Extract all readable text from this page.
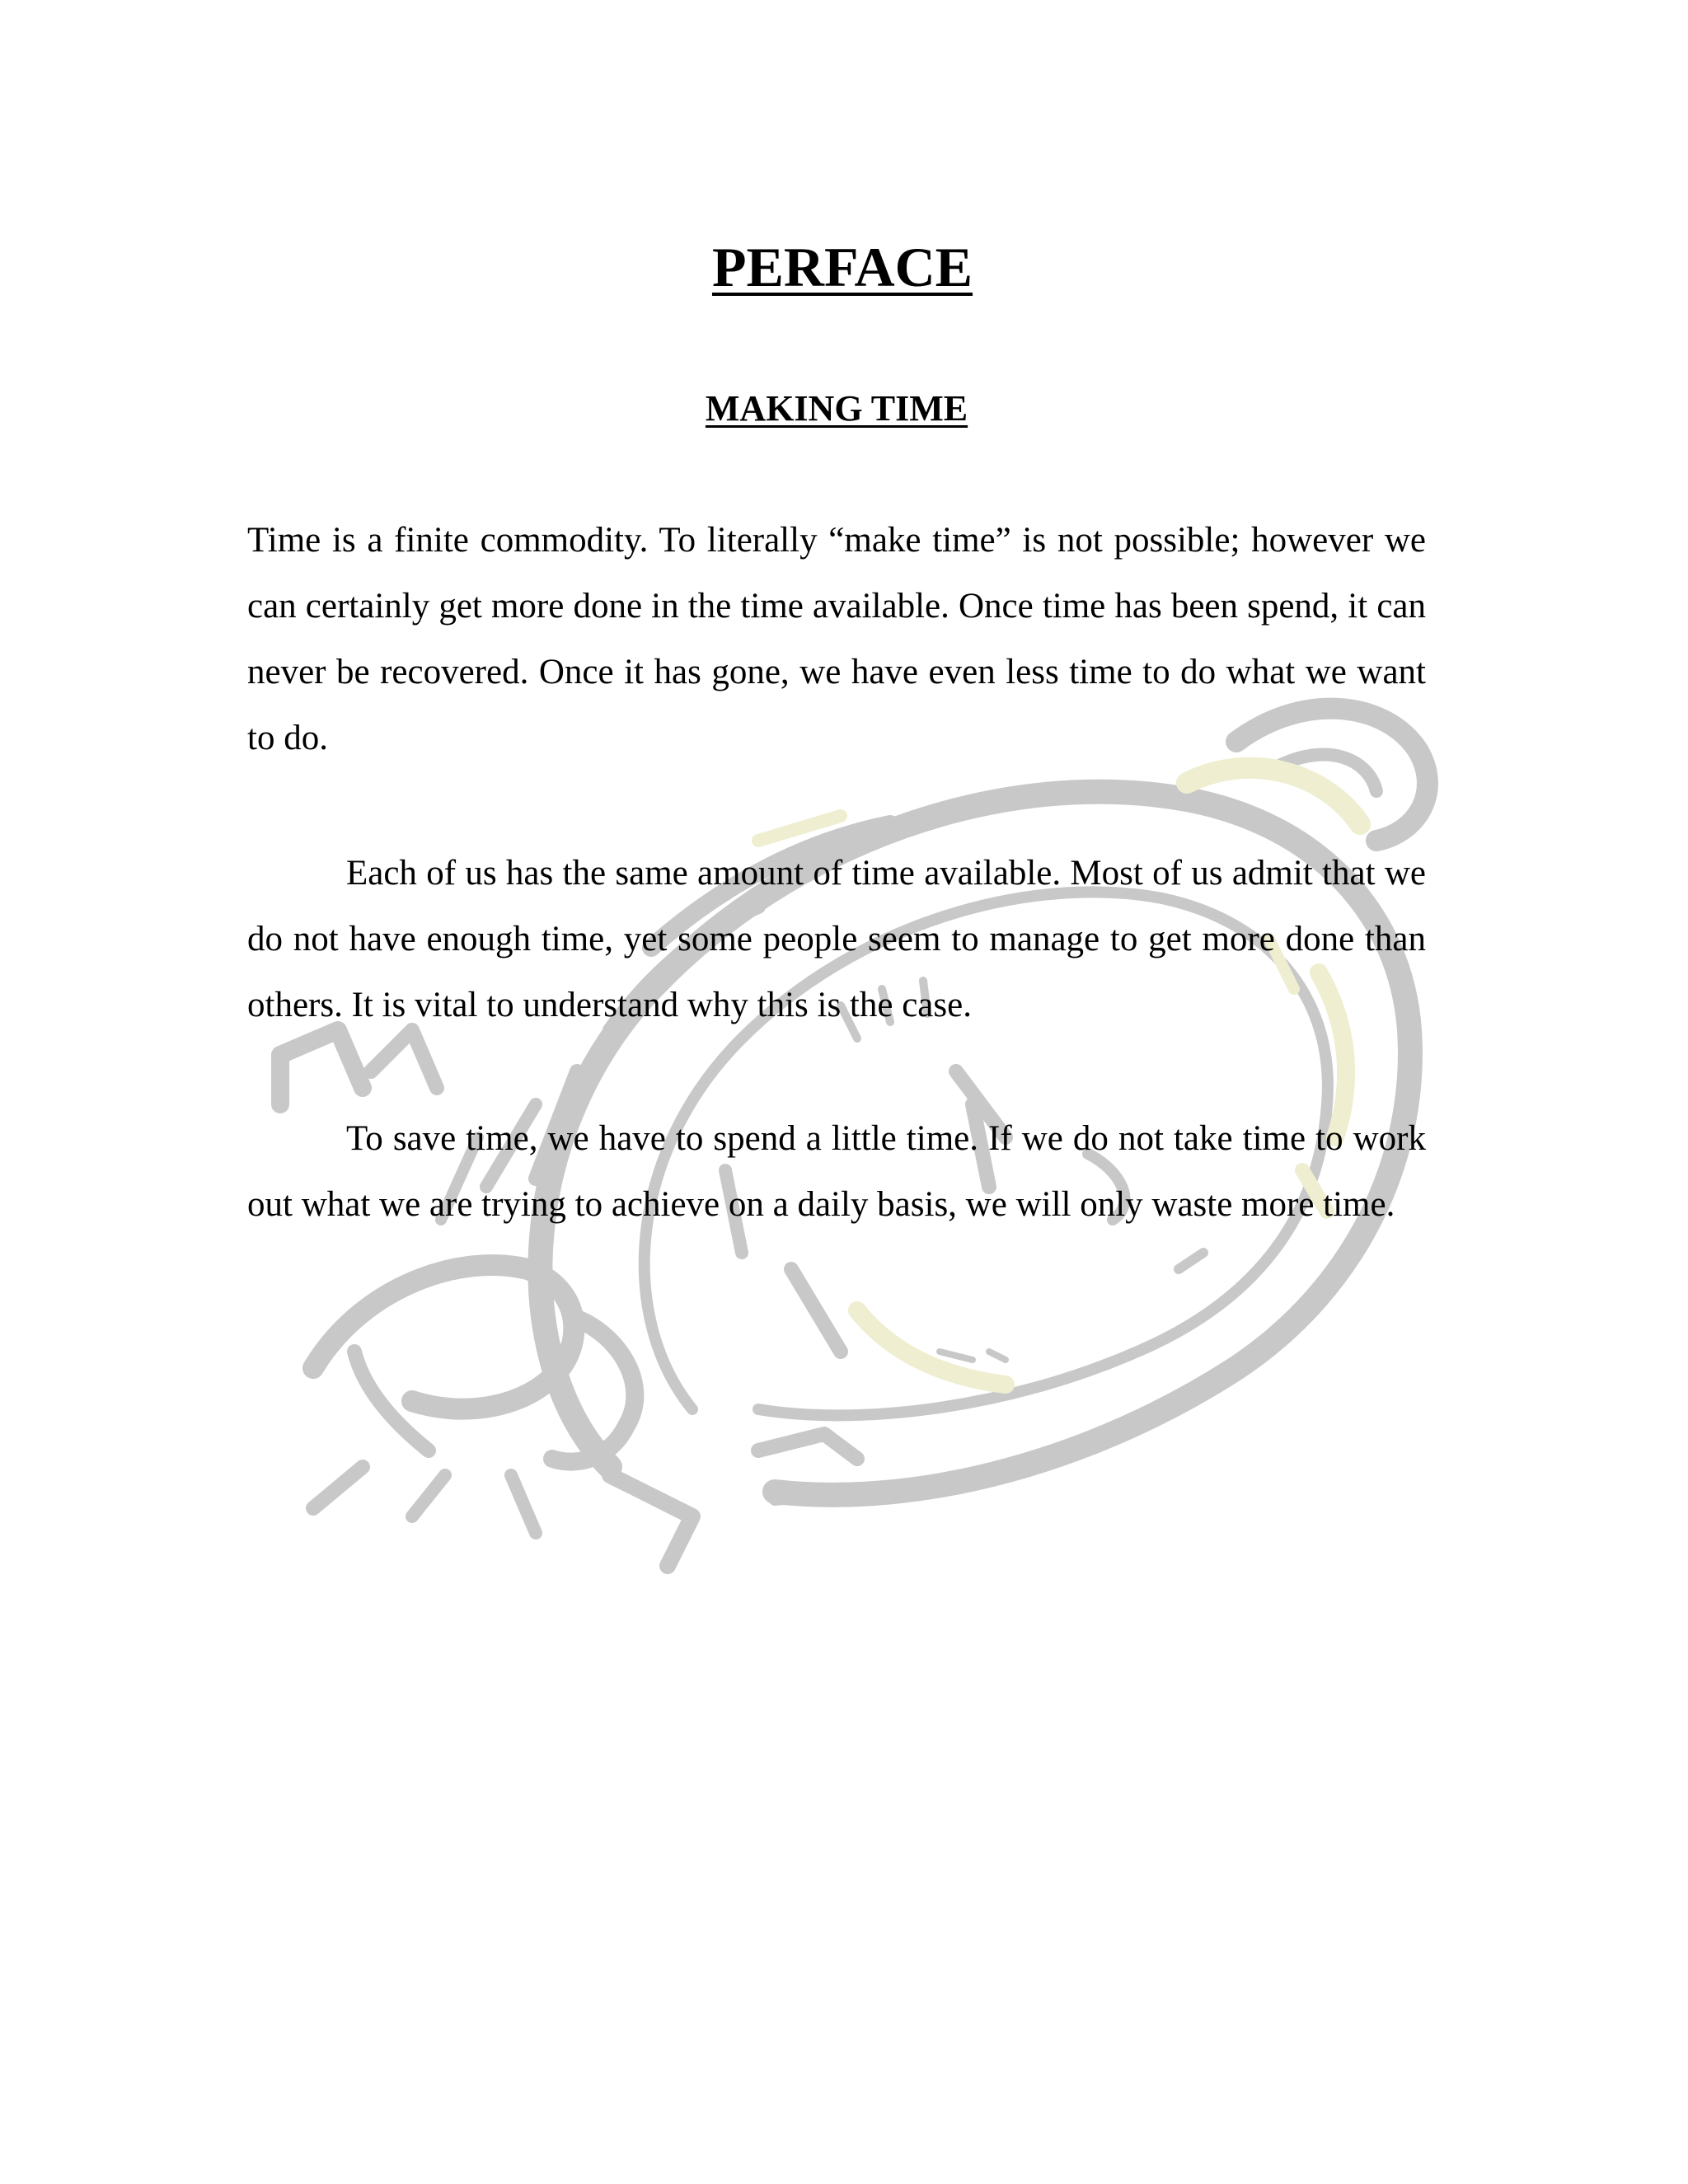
PERFACE
MAKING TIME

Time is a finite commodity. To literally “make time” is not possible; however we can certainly get more done in the time available. Once time has been spend, it can never be recovered. Once it has gone, we have even less time to do what we want to do.

Each of us has the same amount of time available. Most of us admit that we do not have enough time, yet some people seem to manage to get more done than others. It is vital to understand why this is the case.

To save time, we have to spend a little time. If we do not take time to work out what we are trying to achieve on a daily basis, we will only waste more time.
